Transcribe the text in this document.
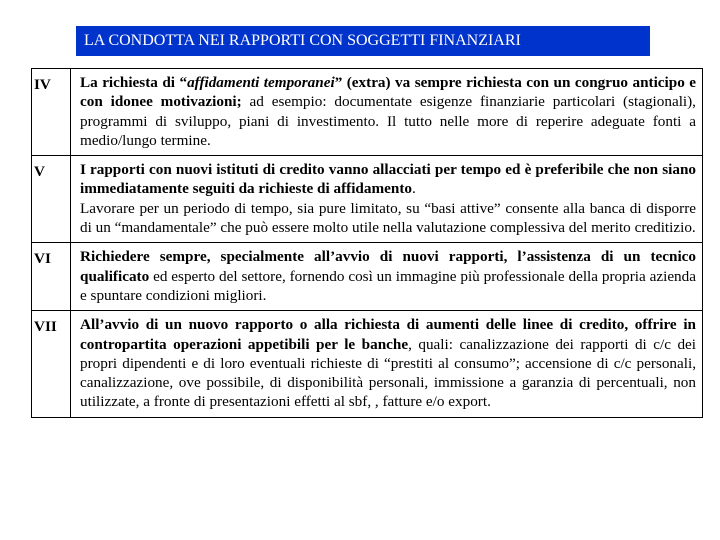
LA CONDOTTA NEI RAPPORTI CON SOGGETTI FINANZIARI
IV	La richiesta di “affidamenti temporanei” (extra) va sempre richiesta con un congruo anticipo e con idonee motivazioni; ad esempio: documentate esigenze finanziarie particolari (stagionali), programmi di sviluppo, piani di investimento. Il tutto nelle more di reperire adeguate fonti a medio/lungo termine.
V	I rapporti con nuovi istituti di credito vanno allacciati per tempo ed è preferibile che non siano immediatamente seguiti da richieste di affidamento.
Lavorare per un periodo di tempo, sia pure limitato, su “basi attive” consente alla banca di disporre di un “mandamentale” che può essere molto utile nella valutazione complessiva del merito creditizio.
VI	Richiedere sempre, specialmente all’avvio di nuovi rapporti, l’assistenza di un tecnico qualificato ed esperto del settore, fornendo così un immagine più professionale della propria azienda e spuntare condizioni migliori.
VII	All’avvio di un nuovo rapporto o alla richiesta di aumenti delle linee di credito, offrire in contropartita operazioni appetibili per le banche, quali: canalizzazione dei rapporti di c/c dei propri dipendenti e di loro eventuali richieste di “prestiti al consumo”; accensione di c/c personali, canalizzazione, ove possibile, di disponibilità personali, immissione a garanzia di percentuali, non utilizzate, a fronte di presentazioni effetti al sbf, , fatture e/o export.
